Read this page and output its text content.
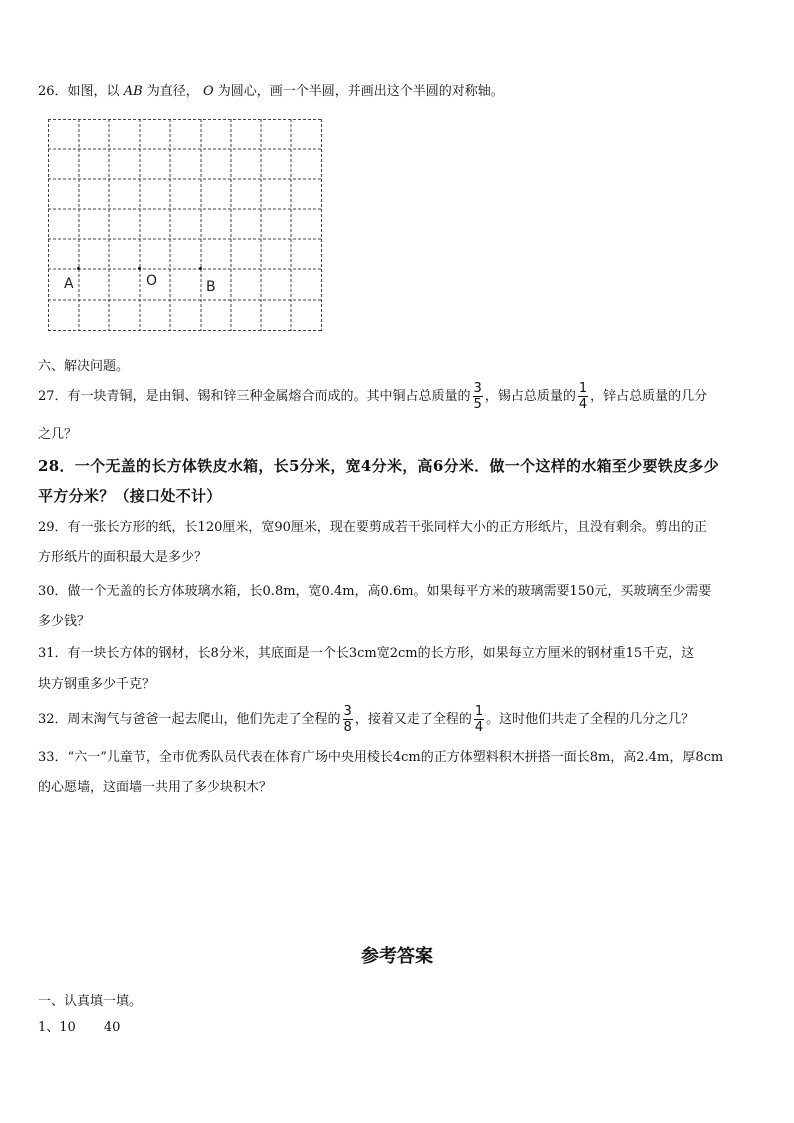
26．如图，以 AB 为直径， O 为圆心，画一个半圆，并画出这个半圆的对称轴。
A	O	B
六、解决问题。
27．有一块青铜，是由铜、锡和锌三种金属熔合而成的。其中铜占总质量的 $\frac{3}{5}$ ，锡占总质量的 $\frac{1}{4}$ ，锌占总质量的几分
之几？
28．一个无盖的长方体铁皮水箱，长5分米，宽4分米，高6分米．做一个这样的水箱至少要铁皮多少
平方分米？（接口处不计）
29．有一张长方形的纸，长120厘米，宽90厘米，现在要剪成若干张同样大小的正方形纸片，且没有剩余。剪出的正
方形纸片的面积最大是多少？
30．做一个无盖的长方体玻璃水箱，长0.8m，宽0.4m，高0.6m。如果每平方米的玻璃需要150元，买玻璃至少需要
多少钱？
31．有一块长方体的钢材，长8分米，其底面是一个长3cm宽2cm的长方形，如果每立方厘米的钢材重15千克，这
块方钢重多少千克？
32．周末淘气与爸爸一起去爬山，他们先走了全程的 $\frac{3}{8}$ ，接着又走了全程的 $\frac{1}{4}$ 。这时他们共走了全程的几分之几？
33．“六一”儿童节，全市优秀队员代表在体育广场中央用棱长4cm的正方体塑料积木拼搭一面长8m，高2.4m，厚8cm
的心愿墙，这面墙一共用了多少块积木？
参考答案
一、认真填一填。
1、10 40
